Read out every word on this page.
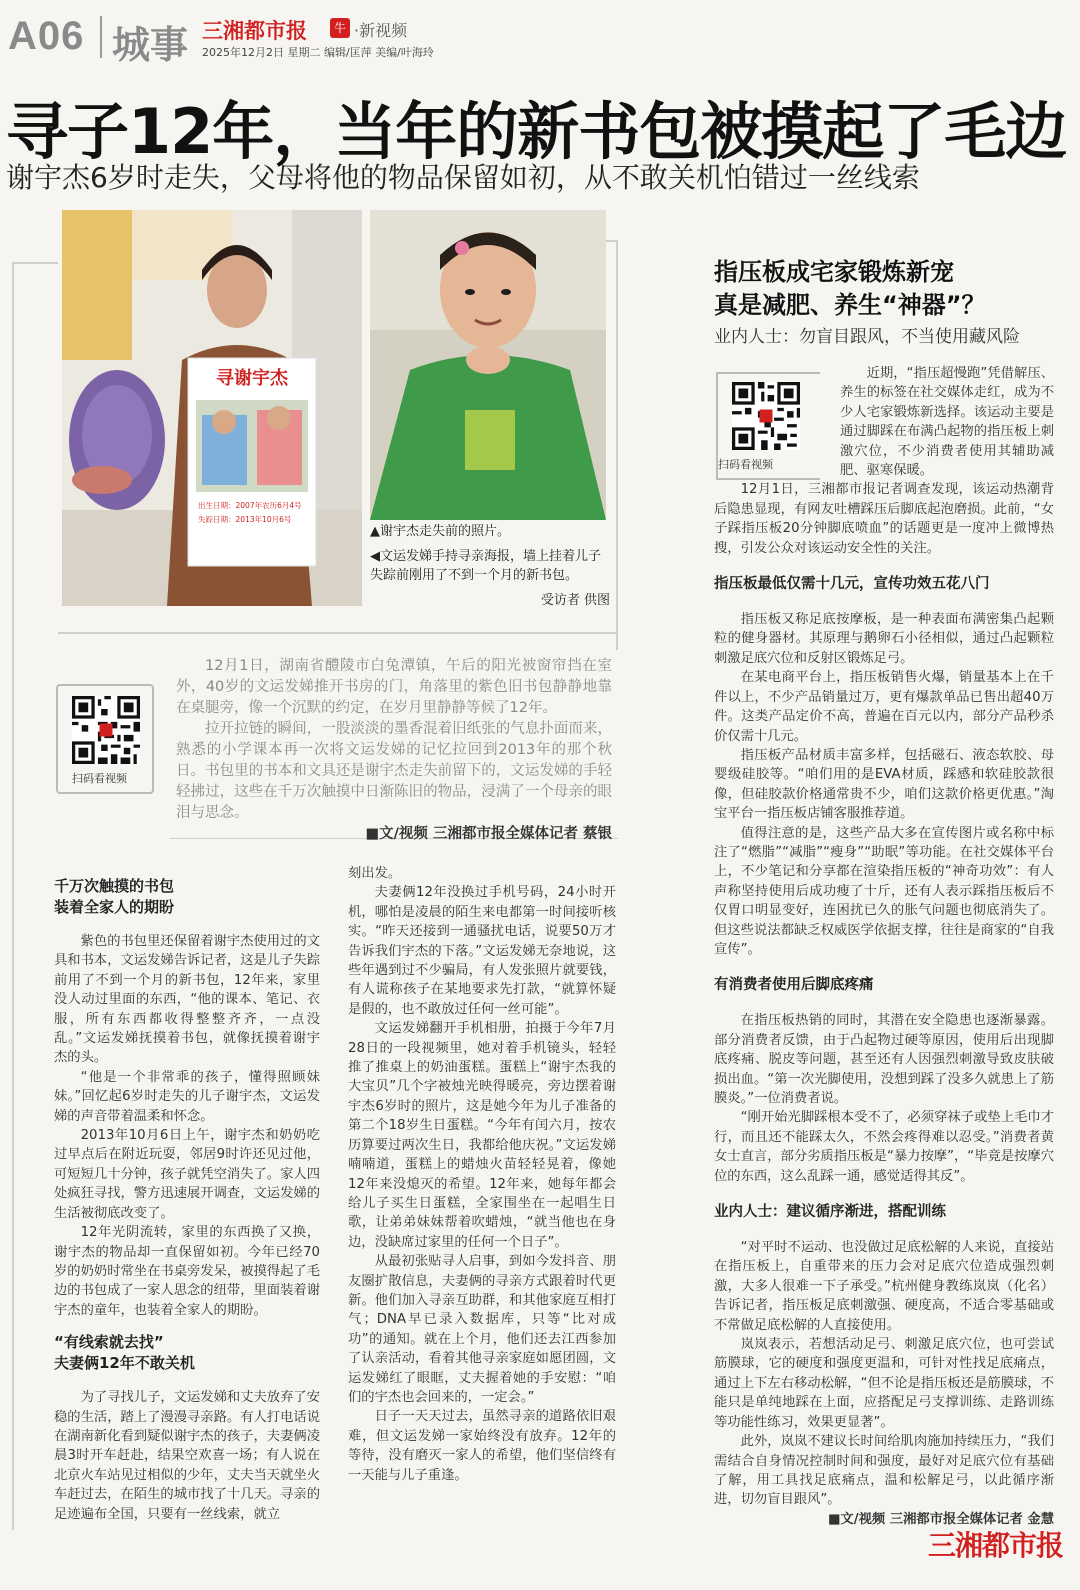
A06 城事 三湘都市报	牛 ·新视频
2025年12月2日 星期二 编辑/匡萍 美编/叶海玲
寻子12年，当年的新书包被摸起了毛边
谢宇杰6岁时走失，父母将他的物品保留如初，从不敢关机怕错过一丝线索
寻谢宇杰
出生日期：2007年农历6月4号
失踪日期：2013年10月6号

▲谢宇杰走失前的照片。

◀文运发娣手持寻亲海报，墙上挂着儿子失踪前刚用了不到一个月的新书包。

受访者 供图

扫码看视频

12月1日，湖南省醴陵市白兔潭镇，午后的阳光被窗帘挡在室外，40岁的文运发娣推开书房的门，角落里的紫色旧书包静静地靠在桌腿旁，像一个沉默的约定，在岁月里静静等候了12年。

拉开拉链的瞬间，一股淡淡的墨香混着旧纸张的气息扑面而来，熟悉的小学课本再一次将文运发娣的记忆拉回到2013年的那个秋日。书包里的书本和文具还是谢宇杰走失前留下的，文运发娣的手轻轻拂过，这些在千万次触摸中日渐陈旧的物品，浸满了一个母亲的眼泪与思念。

■文/视频 三湘都市报全媒体记者 蔡银

千万次触摸的书包
装着全家人的期盼

紫色的书包里还保留着谢宇杰使用过的文具和书本，文运发娣告诉记者，这是儿子失踪前用了不到一个月的新书包，12年来，家里没人动过里面的东西，“他的课本、笔记、衣服，所有东西都收得整整齐齐，一点没乱。”文运发娣抚摸着书包，就像抚摸着谢宇杰的头。

“他是一个非常乖的孩子，懂得照顾妹妹。”回忆起6岁时走失的儿子谢宇杰，文运发娣的声音带着温柔和怀念。

2013年10月6日上午，谢宇杰和奶奶吃过早点后在附近玩耍，邻居9时许还见过他，可短短几十分钟，孩子就凭空消失了。家人四处疯狂寻找，警方迅速展开调查，文运发娣的生活被彻底改变了。

12年光阴流转，家里的东西换了又换，谢宇杰的物品却一直保留如初。今年已经70岁的奶奶时常坐在书桌旁发呆，被摸得起了毛边的书包成了一家人思念的纽带，里面装着谢宇杰的童年，也装着全家人的期盼。

“有线索就去找”
夫妻俩12年不敢关机

为了寻找儿子，文运发娣和丈夫放弃了安稳的生活，踏上了漫漫寻亲路。有人打电话说在湖南新化看到疑似谢宇杰的孩子，夫妻俩凌晨3时开车赶赴，结果空欢喜一场；有人说在北京火车站见过相似的少年，丈夫当天就坐火车赶过去，在陌生的城市找了十几天。寻亲的足迹遍布全国，只要有一丝线索，就立

刻出发。

夫妻俩12年没换过手机号码，24小时开机，哪怕是凌晨的陌生来电都第一时间接听核实。“昨天还接到一通骚扰电话，说要50万才告诉我们宇杰的下落。”文运发娣无奈地说，这些年遇到过不少骗局，有人发张照片就要钱，有人谎称孩子在某地要求先打款，“就算怀疑是假的，也不敢放过任何一丝可能”。

文运发娣翻开手机相册，拍摄于今年7月28日的一段视频里，她对着手机镜头，轻轻推了推桌上的奶油蛋糕。蛋糕上“谢宇杰我的大宝贝”几个字被烛光映得暖亮，旁边摆着谢宇杰6岁时的照片，这是她今年为儿子准备的第二个18岁生日蛋糕。“今年有闰六月，按农历算要过两次生日，我都给他庆祝。”文运发娣喃喃道，蛋糕上的蜡烛火苗轻轻晃着，像她12年来没熄灭的希望。12年来，她每年都会给儿子买生日蛋糕，全家围坐在一起唱生日歌，让弟弟妹妹帮着吹蜡烛，“就当他也在身边，没缺席过家里的任何一个日子”。

从最初张贴寻人启事，到如今发抖音、朋友圈扩散信息，夫妻俩的寻亲方式跟着时代更新。他们加入寻亲互助群，和其他家庭互相打气；DNA早已录入数据库，只等“比对成功”的通知。就在上个月，他们还去江西参加了认亲活动，看着其他寻亲家庭如愿团圆，文运发娣红了眼眶，丈夫握着她的手安慰：“咱们的宇杰也会回来的，一定会。”

日子一天天过去，虽然寻亲的道路依旧艰难，但文运发娣一家始终没有放弃。12年的等待，没有磨灭一家人的希望，他们坚信终有一天能与儿子重逢。

指压板成宅家锻炼新宠
真是减肥、养生“神器”？
业内人士：勿盲目跟风，不当使用藏风险
扫码看视频

近期，“指压超慢跑”凭借解压、养生的标签在社交媒体走红，成为不少人宅家锻炼新选择。该运动主要是通过脚踩在布满凸起物的指压板上刺激穴位，不少消费者使用其辅助减肥、驱寒保暖。

12月1日，三湘都市报记者调查发现，该运动热潮背后隐患显现，有网友吐槽踩压后脚底起泡磨损。此前，“女子踩指压板20分钟脚底喷血”的话题更是一度冲上微博热搜，引发公众对该运动安全性的关注。

指压板最低仅需十几元，宣传功效五花八门

指压板又称足底按摩板，是一种表面布满密集凸起颗粒的健身器材。其原理与鹅卵石小径相似，通过凸起颗粒刺激足底穴位和反射区锻炼足弓。

在某电商平台上，指压板销售火爆，销量基本上在千件以上，不少产品销量过万，更有爆款单品已售出超40万件。这类产品定价不高，普遍在百元以内，部分产品秒杀价仅需十几元。

指压板产品材质丰富多样，包括磁石、液态软胶、母婴级硅胶等。“咱们用的是EVA材质，踩感和软硅胶款很像，但硅胶款价格通常贵不少，咱们这款价格更优惠。”淘宝平台一指压板店铺客服推荐道。

值得注意的是，这些产品大多在宣传图片或名称中标注了“燃脂”“减脂”“瘦身”“助眠”等功能。在社交媒体平台上，不少笔记和分享都在渲染指压板的“神奇功效”：有人声称坚持使用后成功瘦了十斤，还有人表示踩指压板后不仅胃口明显变好，连困扰已久的胀气问题也彻底消失了。但这些说法都缺乏权威医学依据支撑，往往是商家的“自我宣传”。

有消费者使用后脚底疼痛

在指压板热销的同时，其潜在安全隐患也逐渐暴露。部分消费者反馈，由于凸起物过硬等原因，使用后出现脚底疼痛、脱皮等问题，甚至还有人因强烈刺激导致皮肤破损出血。“第一次光脚使用，没想到踩了没多久就患上了筋膜炎。”一位消费者说。

“刚开始光脚踩根本受不了，必须穿袜子或垫上毛巾才行，而且还不能踩太久，不然会疼得难以忍受。”消费者黄女士直言，部分劣质指压板是“暴力按摩”，“毕竟是按摩穴位的东西，这么乱踩一通，感觉适得其反”。

业内人士：建议循序渐进，搭配训练

“对平时不运动、也没做过足底松解的人来说，直接站在指压板上，自重带来的压力会对足底穴位造成强烈刺激，大多人很难一下子承受。”杭州健身教练岚岚（化名）告诉记者，指压板足底刺激强、硬度高，不适合零基础或不常做足底松解的人直接使用。

岚岚表示，若想活动足弓、刺激足底穴位，也可尝试筋膜球，它的硬度和强度更温和，可针对性找足底痛点，通过上下左右移动松解，“但不论是指压板还是筋膜球，不能只是单纯地踩在上面，应搭配足弓支撑训练、走路训练等功能性练习，效果更显著”。

此外，岚岚不建议长时间给肌肉施加持续压力，“我们需结合自身情况控制时间和强度，最好对足底穴位有基础了解，用工具找足底痛点，温和松解足弓，以此循序渐进，切勿盲目跟风”。

■文/视频 三湘都市报全媒体记者 金慧

三湘都市报
